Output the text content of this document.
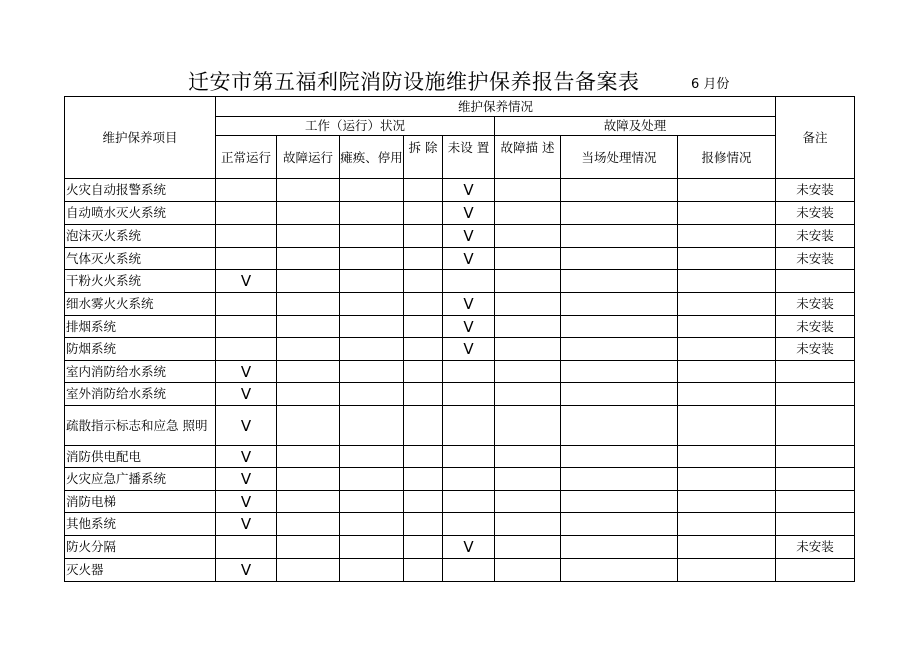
迁安市第五福利院消防设施维护保养报告备案表	6 月份
维护保养项目	维护保养情况								备注
	工作（运行）状况					故障及处理			
	正常运行	故障运行	瘫痪、停用	拆 除	未设 置	故障描 述	当场处理情况	报修情况	
火灾自动报警系统					V				未安装
自动喷水灭火系统					V				未安装
泡沫灭火系统					V				未安装
气体灭火系统					V				未安装
干粉火火系统	V								
细水雾火火系统					V				未安装
排烟系统					V				未安装
防烟系统					V				未安装
室内消防给水系统	V								
室外消防给水系统	V								
疏散指示标志和应急 照明	V								
消防供电配电	V								
火灾应急广播系统	V								
消防电梯	V								
其他系统	V								
防火分隔					V				未安装
灭火器	V								
